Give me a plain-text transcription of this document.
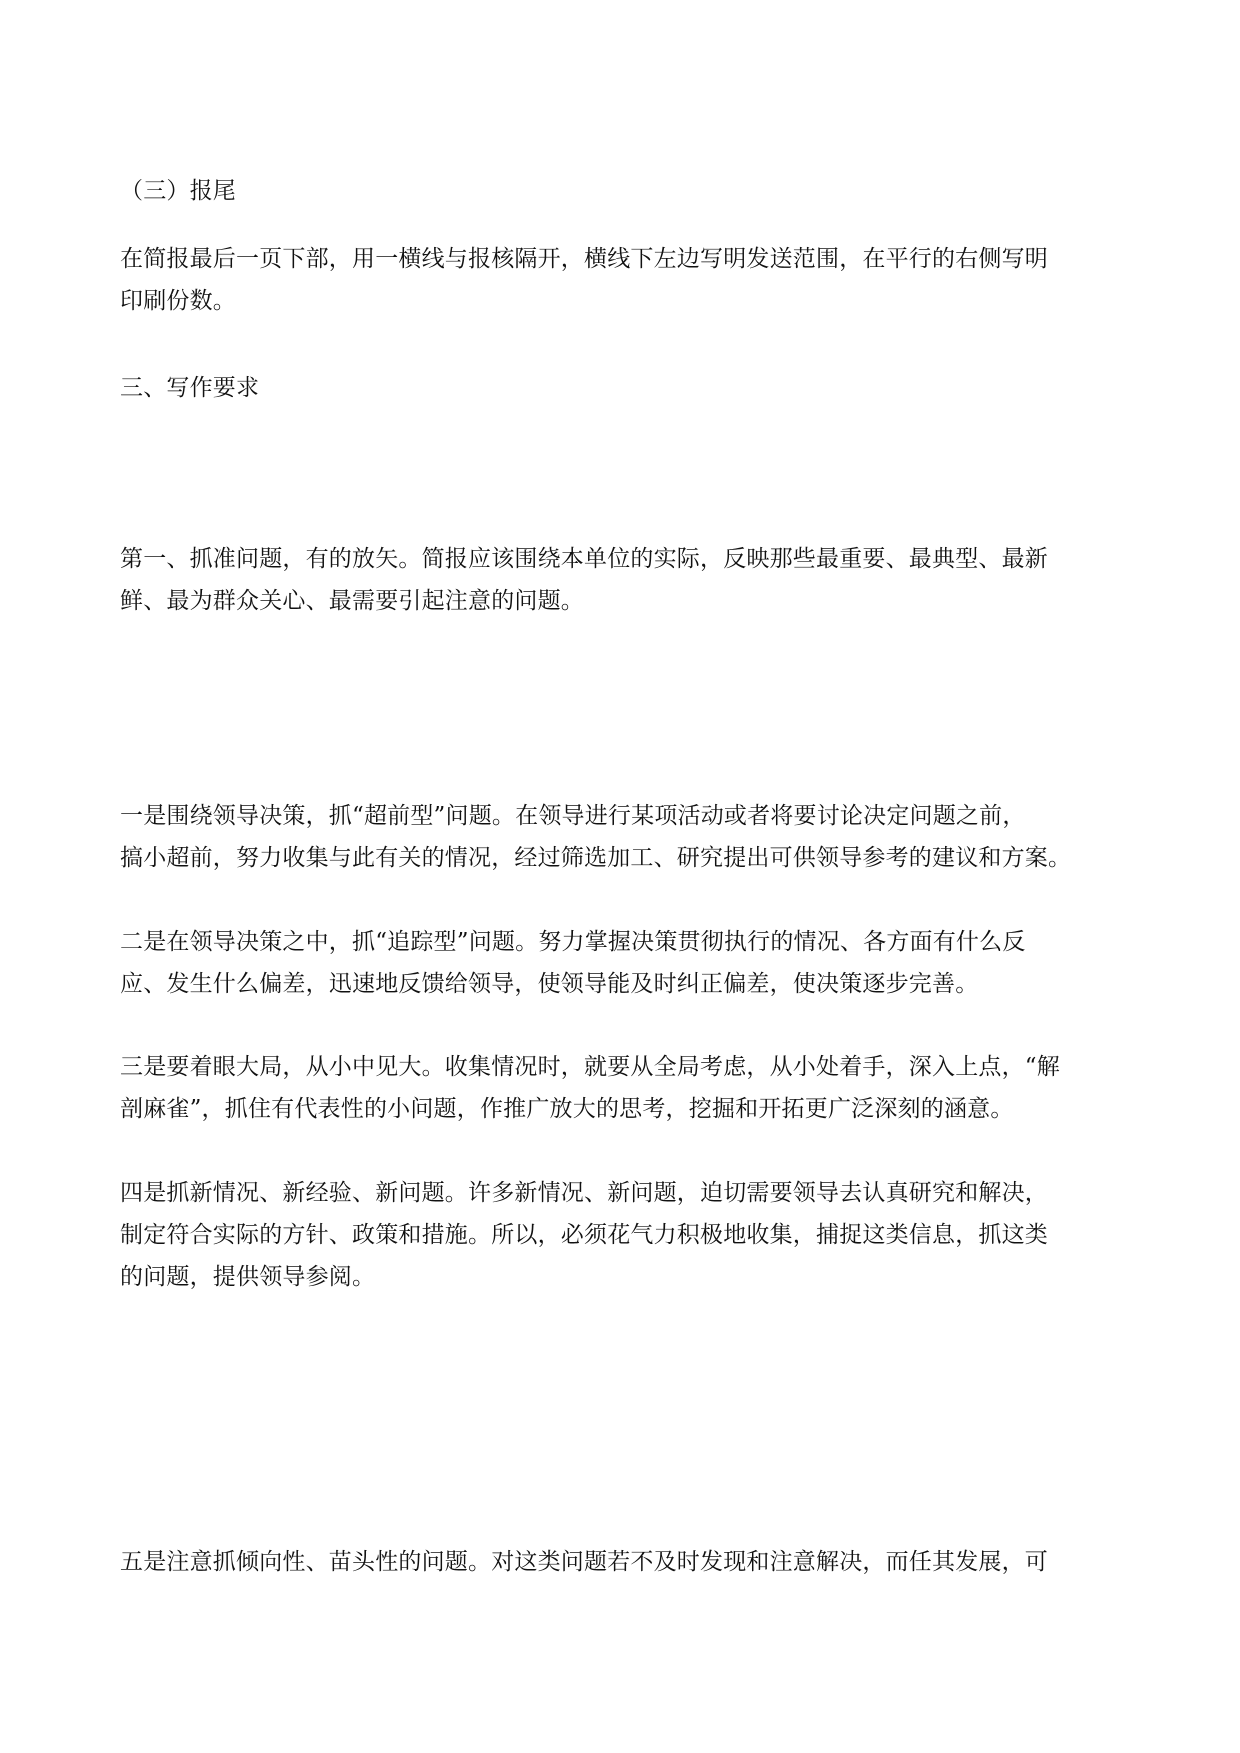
（三）报尾
在简报最后一页下部，用一横线与报核隔开，横线下左边写明发送范围，在平行的右侧写明
印刷份数。
三、写作要求
第一、抓准问题，有的放矢。简报应该围绕本单位的实际，反映那些最重要、最典型、最新
鲜、最为群众关心、最需要引起注意的问题。
一是围绕领导决策，抓“超前型”问题。在领导进行某项活动或者将要讨论决定问题之前，
搞小超前，努力收集与此有关的情况，经过筛选加工、研究提出可供领导参考的建议和方案。
二是在领导决策之中，抓“追踪型”问题。努力掌握决策贯彻执行的情况、各方面有什么反
应、发生什么偏差，迅速地反馈给领导，使领导能及时纠正偏差，使决策逐步完善。
三是要着眼大局，从小中见大。收集情况时，就要从全局考虑，从小处着手，深入上点，“解
剖麻雀”，抓住有代表性的小问题，作推广放大的思考，挖掘和开拓更广泛深刻的涵意。
四是抓新情况、新经验、新问题。许多新情况、新问题，迫切需要领导去认真研究和解决，
制定符合实际的方针、政策和措施。所以，必须花气力积极地收集，捕捉这类信息，抓这类
的问题，提供领导参阅。
五是注意抓倾向性、苗头性的问题。对这类问题若不及时发现和注意解决，而任其发展，可
